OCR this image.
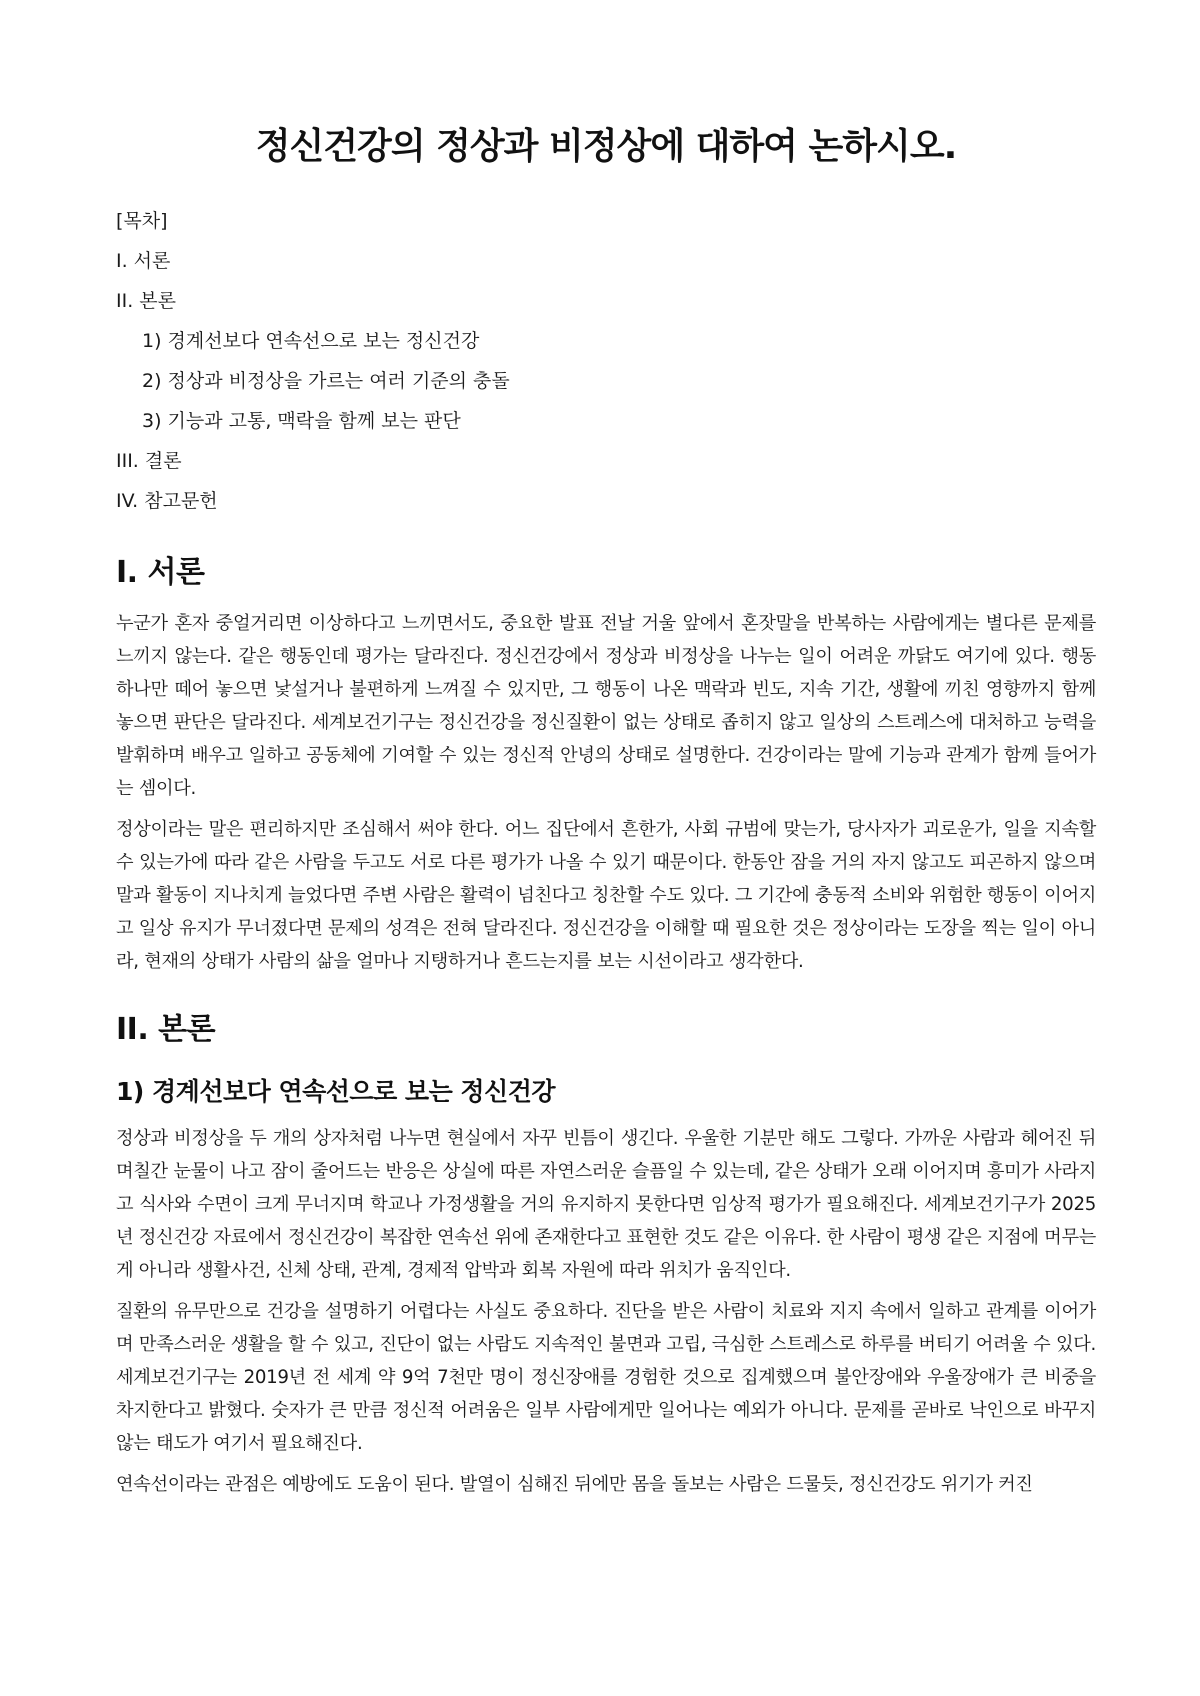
정신건강의 정상과 비정상에 대하여 논하시오.

[목차]

I. 서론

II. 본론

1) 경계선보다 연속선으로 보는 정신건강

2) 정상과 비정상을 가르는 여러 기준의 충돌

3) 기능과 고통, 맥락을 함께 보는 판단

III. 결론

IV. 참고문헌

I. 서론

누군가 혼자 중얼거리면 이상하다고 느끼면서도, 중요한 발표 전날 거울 앞에서 혼잣말을 반복하는 사람에게는 별다른 문제를 느끼지 않는다. 같은 행동인데 평가는 달라진다. 정신건강에서 정상과 비정상을 나누는 일이 어려운 까닭도 여기에 있다. 행동 하나만 떼어 놓으면 낯설거나 불편하게 느껴질 수 있지만, 그 행동이 나온 맥락과 빈도, 지속 기간, 생활에 끼친 영향까지 함께 놓으면 판단은 달라진다. 세계보건기구는 정신건강을 정신질환이 없는 상태로 좁히지 않고 일상의 스트레스에 대처하고 능력을 발휘하며 배우고 일하고 공동체에 기여할 수 있는 정신적 안녕의 상태로 설명한다. 건강이라는 말에 기능과 관계가 함께 들어가는 셈이다.

정상이라는 말은 편리하지만 조심해서 써야 한다. 어느 집단에서 흔한가, 사회 규범에 맞는가, 당사자가 괴로운가, 일을 지속할 수 있는가에 따라 같은 사람을 두고도 서로 다른 평가가 나올 수 있기 때문이다. 한동안 잠을 거의 자지 않고도 피곤하지 않으며 말과 활동이 지나치게 늘었다면 주변 사람은 활력이 넘친다고 칭찬할 수도 있다. 그 기간에 충동적 소비와 위험한 행동이 이어지고 일상 유지가 무너졌다면 문제의 성격은 전혀 달라진다. 정신건강을 이해할 때 필요한 것은 정상이라는 도장을 찍는 일이 아니라, 현재의 상태가 사람의 삶을 얼마나 지탱하거나 흔드는지를 보는 시선이라고 생각한다.

II. 본론
1) 경계선보다 연속선으로 보는 정신건강

정상과 비정상을 두 개의 상자처럼 나누면 현실에서 자꾸 빈틈이 생긴다. 우울한 기분만 해도 그렇다. 가까운 사람과 헤어진 뒤 며칠간 눈물이 나고 잠이 줄어드는 반응은 상실에 따른 자연스러운 슬픔일 수 있는데, 같은 상태가 오래 이어지며 흥미가 사라지고 식사와 수면이 크게 무너지며 학교나 가정생활을 거의 유지하지 못한다면 임상적 평가가 필요해진다. 세계보건기구가 2025년 정신건강 자료에서 정신건강이 복잡한 연속선 위에 존재한다고 표현한 것도 같은 이유다. 한 사람이 평생 같은 지점에 머무는 게 아니라 생활사건, 신체 상태, 관계, 경제적 압박과 회복 자원에 따라 위치가 움직인다.

질환의 유무만으로 건강을 설명하기 어렵다는 사실도 중요하다. 진단을 받은 사람이 치료와 지지 속에서 일하고 관계를 이어가며 만족스러운 생활을 할 수 있고, 진단이 없는 사람도 지속적인 불면과 고립, 극심한 스트레스로 하루를 버티기 어려울 수 있다. 세계보건기구는 2019년 전 세계 약 9억 7천만 명이 정신장애를 경험한 것으로 집계했으며 불안장애와 우울장애가 큰 비중을 차지한다고 밝혔다. 숫자가 큰 만큼 정신적 어려움은 일부 사람에게만 일어나는 예외가 아니다. 문제를 곧바로 낙인으로 바꾸지 않는 태도가 여기서 필요해진다.

연속선이라는 관점은 예방에도 도움이 된다. 발열이 심해진 뒤에만 몸을 돌보는 사람은 드물듯, 정신건강도 위기가 커진
